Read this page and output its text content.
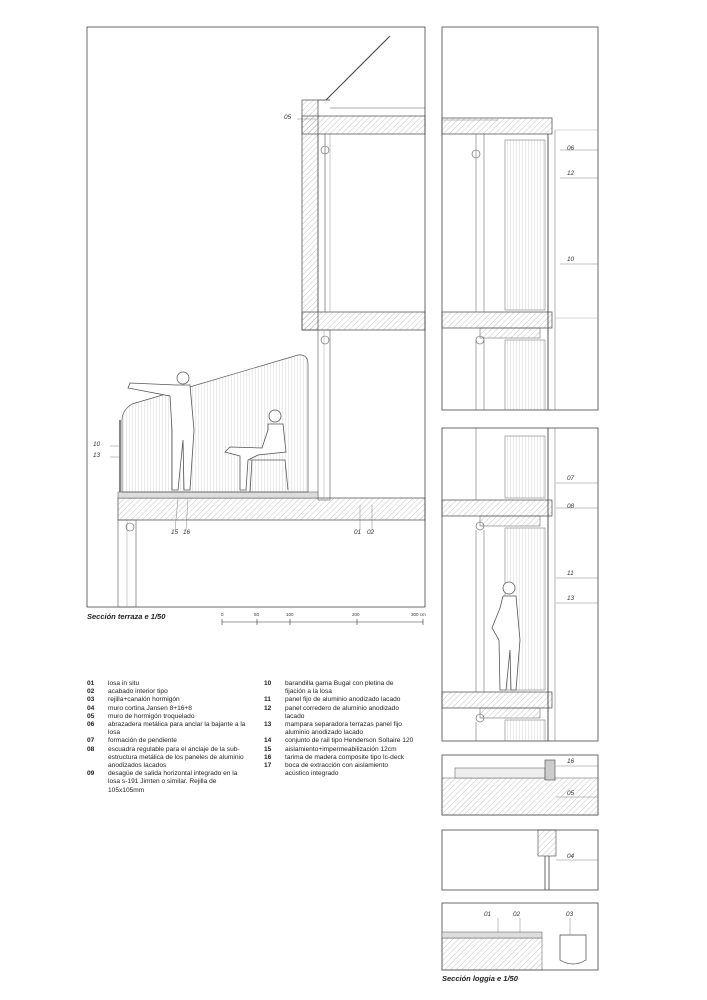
05
10
13
15 16	01 02
06
12
10
07
08
11
13
16
05
04
01	02	03
0	50	100	200	300 cm
Sección terraza e 1/50
Sección loggia e 1/50
01	losa in situ
02	acabado interior tipo
03	rejilla+canalón hormigón
04	muro cortina Jansen 8+16+8
05	muro de hormigón troquelado
06	abrazadera metálica para anclar la bajante a la losa
07	formación de pendiente
08	escuadra regulable para el anclaje de la sub-estructura metálica de los paneles de aluminio anodizados lacados
09	desagüe de salida horizontal integrado en la losa s-191 Jimten o similar. Rejilla de 105x105mm
10	barandilla gama Bugal con pletina de fijación a la losa
11	panel fijo de aluminio anodizado lacado
12	panel corredero de aluminio anodizado lacado
13	mampara separadora terrazas panel fijo aluminio anodizado lacado
14	conjunto de rail tipo Henderson Soltaire 120
15	aislamiento+impermeabilización 12cm
16	tarima de madera composite tipo Ic-deck
17	boca de extracción con aislamiento acústico integrado
